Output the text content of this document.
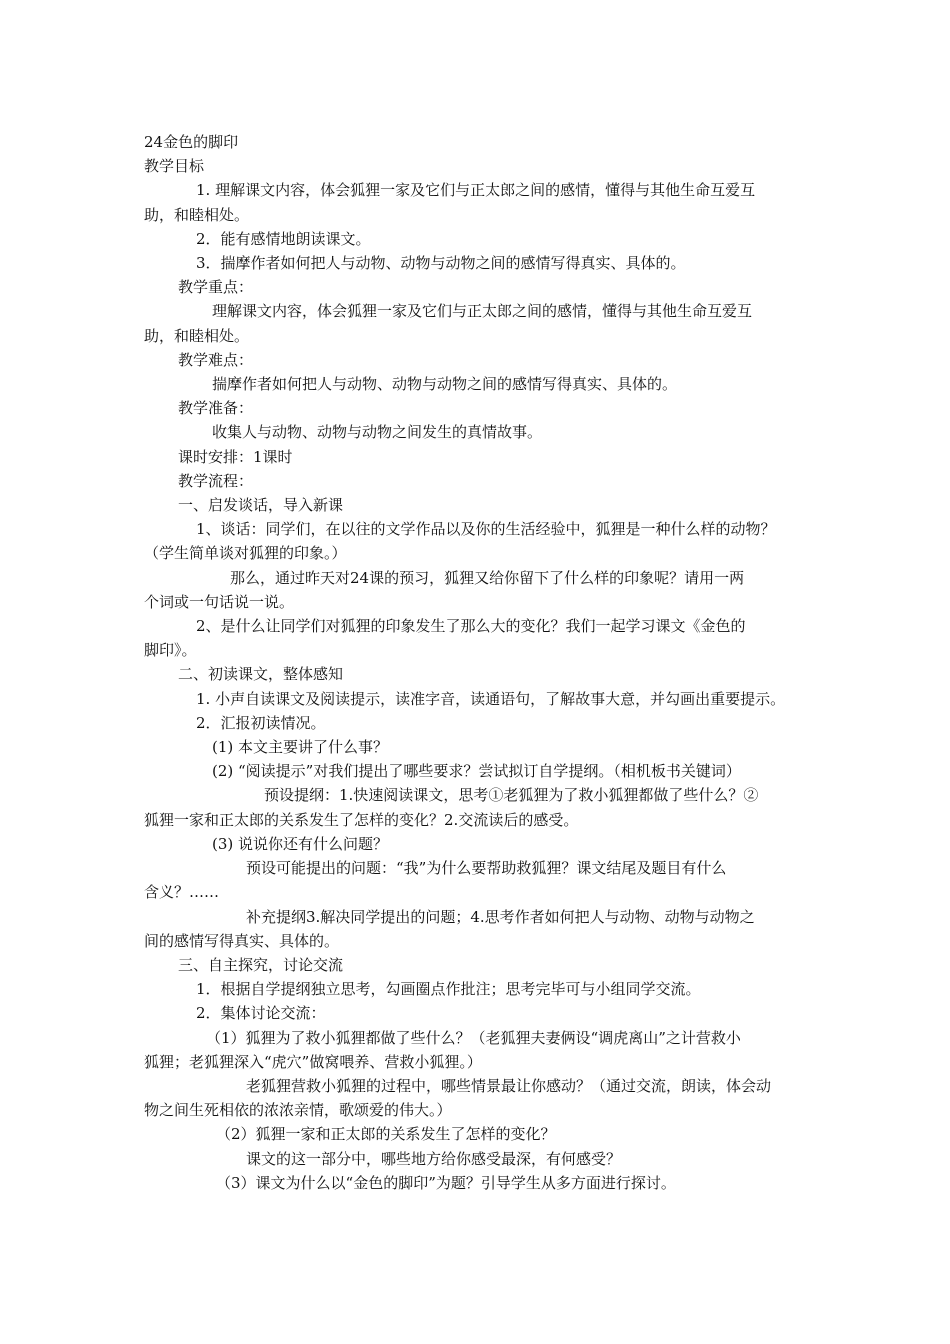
24金色的脚印

教学目标

1. 理解课文内容，体会狐狸一家及它们与正太郎之间的感情，懂得与其他生命互爱互

助，和睦相处。

2．能有感情地朗读课文。

3．揣摩作者如何把人与动物、动物与动物之间的感情写得真实、具体的。

教学重点：

理解课文内容，体会狐狸一家及它们与正太郎之间的感情，懂得与其他生命互爱互

助，和睦相处。

教学难点：

揣摩作者如何把人与动物、动物与动物之间的感情写得真实、具体的。

教学准备：

收集人与动物、动物与动物之间发生的真情故事。

课时安排：1课时

教学流程：

一、启发谈话，导入新课

1、谈话：同学们，在以往的文学作品以及你的生活经验中，狐狸是一种什么样的动物？

（学生简单谈对狐狸的印象。）

那么，通过昨天对24课的预习，狐狸又给你留下了什么样的印象呢？请用一两

个词或一句话说一说。

2、是什么让同学们对狐狸的印象发生了那么大的变化？我们一起学习课文《金色的

脚印》。

二、初读课文，整体感知

1. 小声自读课文及阅读提示，读准字音，读通语句，了解故事大意，并勾画出重要提示。

2．汇报初读情况。

(1) 本文主要讲了什么事？

(2) “阅读提示”对我们提出了哪些要求？尝试拟订自学提纲。（相机板书关键词）

预设提纲：1.快速阅读课文，思考①老狐狸为了救小狐狸都做了些什么？②

狐狸一家和正太郎的关系发生了怎样的变化？2.交流读后的感受。

(3) 说说你还有什么问题？

预设可能提出的问题：“我”为什么要帮助救狐狸？课文结尾及题目有什么

含义？……

补充提纲3.解决同学提出的问题；4.思考作者如何把人与动物、动物与动物之

间的感情写得真实、具体的。

三、自主探究，讨论交流

1．根据自学提纲独立思考，勾画圈点作批注；思考完毕可与小组同学交流。

2．集体讨论交流：

（1）狐狸为了救小狐狸都做了些什么？（老狐狸夫妻俩设“调虎离山”之计营救小

狐狸；老狐狸深入“虎穴”做窝喂养、营救小狐狸。）

老狐狸营救小狐狸的过程中，哪些情景最让你感动？（通过交流，朗读，体会动

物之间生死相依的浓浓亲情，歌颂爱的伟大。）

（2）狐狸一家和正太郎的关系发生了怎样的变化？

课文的这一部分中，哪些地方给你感受最深，有何感受？

（3）课文为什么以“金色的脚印”为题？引导学生从多方面进行探讨。
